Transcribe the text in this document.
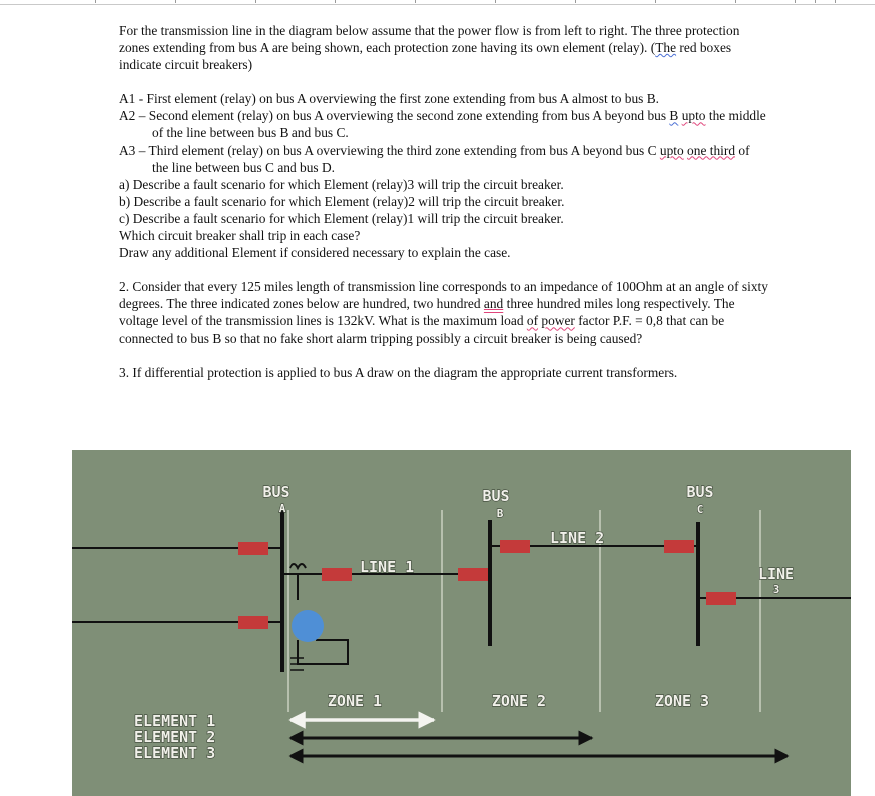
For the transmission line in the diagram below assume that the power flow is from left to right. The three protection zones extending from bus A are being shown, each protection zone having its own element (relay). (The red boxes indicate circuit breakers)

A1 - First element (relay) on bus A overviewing the first zone extending from bus A almost to bus B.

A2 – Second element (relay) on bus A overviewing the second zone extending from bus A beyond bus B upto the middle of the line between bus B and bus C.

A3 – Third element (relay) on bus A overviewing the third zone extending from bus A beyond bus C upto one third of the line between bus C and bus D.

a) Describe a fault scenario for which Element (relay)3 will trip the circuit breaker.

b) Describe a fault scenario for which Element (relay)2 will trip the circuit breaker.

c) Describe a fault scenario for which Element (relay)1 will trip the circuit breaker.

Which circuit breaker shall trip in each case?

Draw any additional Element if considered necessary to explain the case.

2. Consider that every 125 miles length of transmission line corresponds to an impedance of 100Ohm at an angle of sixty degrees. The three indicated zones below are hundred, two hundred and three hundred miles long respectively. The voltage level of the transmission lines is 132kV. What is the maximum load of power factor P.F. = 0,8 that can be connected to bus B so that no fake short alarm tripping possibly a circuit breaker is being caused?

3. If differential protection is applied to bus A draw on the diagram the appropriate current transformers.

BUS
A
BUS
B
BUS
C
LINE 1
LINE 2
LINE
3
ZONE 1	ZONE 2	ZONE 3
ELEMENT 1
ELEMENT 2
ELEMENT 3
